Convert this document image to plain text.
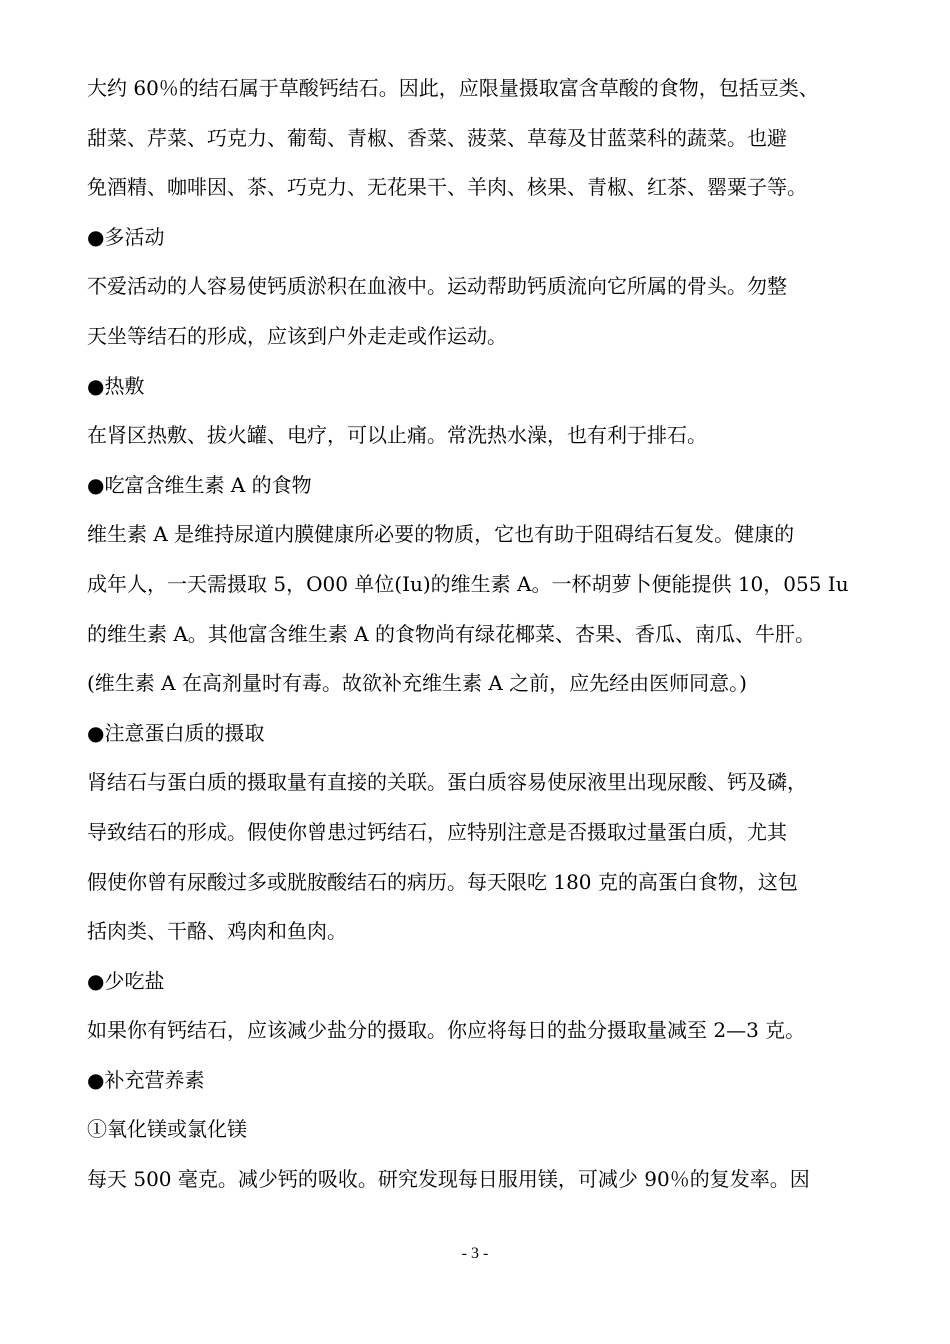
大约 60％的结石属于草酸钙结石。因此，应限量摄取富含草酸的食物，包括豆类、
甜菜、芹菜、巧克力、葡萄、青椒、香菜、菠菜、草莓及甘蓝菜科的蔬菜。也避
免酒精、咖啡因、茶、巧克力、无花果干、羊肉、核果、青椒、红茶、罂粟子等。
●多活动
不爱活动的人容易使钙质淤积在血液中。运动帮助钙质流向它所属的骨头。勿整
天坐等结石的形成，应该到户外走走或作运动。
●热敷
在肾区热敷、拔火罐、电疗，可以止痛。常洗热水澡，也有利于排石。
●吃富含维生素 A 的食物
维生素 A 是维持尿道内膜健康所必要的物质，它也有助于阻碍结石复发。健康的
成年人，一天需摄取 5，O00 单位(Iu)的维生素 A。一杯胡萝卜便能提供 10，055 Iu
的维生素 A。其他富含维生素 A 的食物尚有绿花椰菜、杏果、香瓜、南瓜、牛肝。
(维生素 A 在高剂量时有毒。故欲补充维生素 A 之前，应先经由医师同意。)
●注意蛋白质的摄取
肾结石与蛋白质的摄取量有直接的关联。蛋白质容易使尿液里出现尿酸、钙及磷，
导致结石的形成。假使你曾患过钙结石，应特别注意是否摄取过量蛋白质，尤其
假使你曾有尿酸过多或胱胺酸结石的病历。每天限吃 180 克的高蛋白食物，这包
括肉类、干酪、鸡肉和鱼肉。
●少吃盐
如果你有钙结石，应该减少盐分的摄取。你应将每日的盐分摄取量减至 2—3 克。
●补充营养素
①氧化镁或氯化镁
每天 500 毫克。减少钙的吸收。研究发现每日服用镁，可减少 90％的复发率。因
- 3 -
